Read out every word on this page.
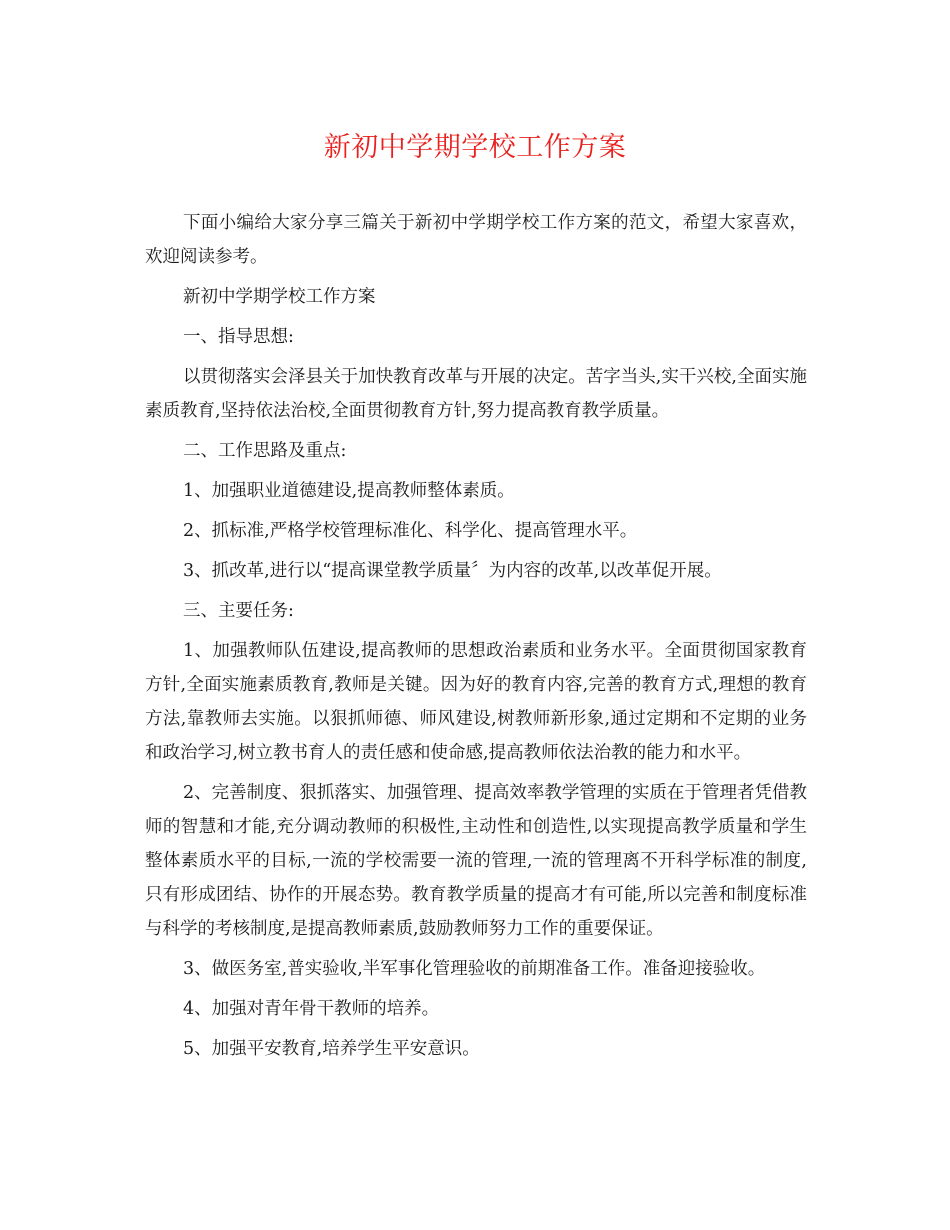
新初中学期学校工作方案

下面小编给大家分享三篇关于新初中学期学校工作方案的范文，希望大家喜欢，欢迎阅读参考。

新初中学期学校工作方案

一、指导思想:

以贯彻落实会泽县关于加快教育改革与开展的决定。苦字当头,实干兴校,全面实施素质教育,坚持依法治校,全面贯彻教育方针,努力提高教育教学质量。

二、工作思路及重点:

1、加强职业道德建设,提高教师整体素质。

2、抓标准,严格学校管理标准化、科学化、提高管理水平。

3、抓改革,进行以“提高课堂教学质量〞为内容的改革,以改革促开展。

三、主要任务:

1、加强教师队伍建设,提高教师的思想政治素质和业务水平。全面贯彻国家教育方针,全面实施素质教育,教师是关键。因为好的教育内容,完善的教育方式,理想的教育方法,靠教师去实施。以狠抓师德、师风建设,树教师新形象,通过定期和不定期的业务和政治学习,树立教书育人的责任感和使命感,提高教师依法治教的能力和水平。

2、完善制度、狠抓落实、加强管理、提高效率教学管理的实质在于管理者凭借教师的智慧和才能,充分调动教师的积极性,主动性和创造性,以实现提高教学质量和学生整体素质水平的目标,一流的学校需要一流的管理,一流的管理离不开科学标准的制度,只有形成团结、协作的开展态势。教育教学质量的提高才有可能,所以完善和制度标准与科学的考核制度,是提高教师素质,鼓励教师努力工作的重要保证。

3、做医务室,普实验收,半军事化管理验收的前期准备工作。准备迎接验收。

4、加强对青年骨干教师的培养。

5、加强平安教育,培养学生平安意识。
